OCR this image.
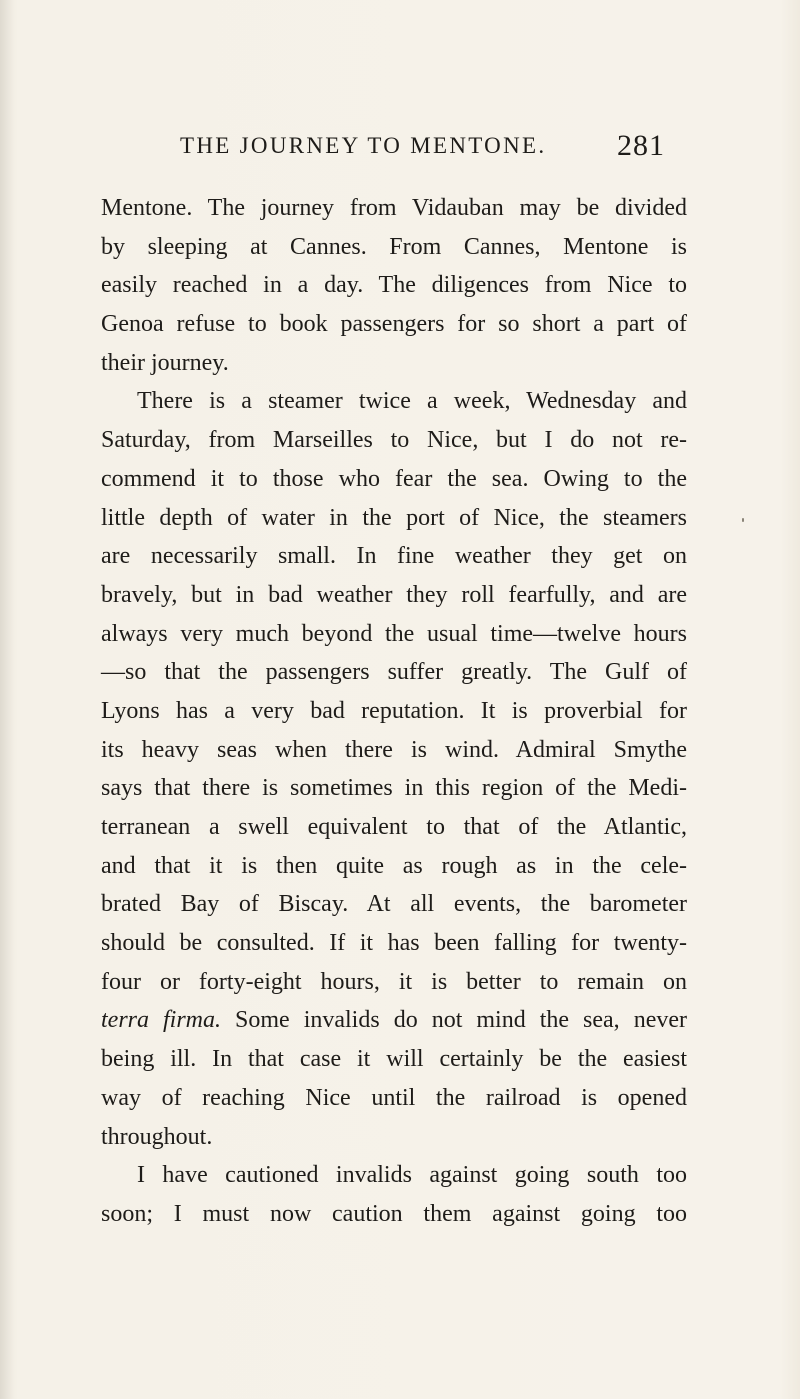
THE JOURNEY TO MENTONE. 281
Mentone. The journey from Vidauban may be divided
by sleeping at Cannes. From Cannes, Mentone is
easily reached in a day. The diligences from Nice to
Genoa refuse to book passengers for so short a part of
their journey.
There is a steamer twice a week, Wednesday and
Saturday, from Marseilles to Nice, but I do not re-
commend it to those who fear the sea. Owing to the
little depth of water in the port of Nice, the steamers
are necessarily small. In fine weather they get on
bravely, but in bad weather they roll fearfully, and are
always very much beyond the usual time—twelve hours
—so that the passengers suffer greatly. The Gulf of
Lyons has a very bad reputation. It is proverbial for
its heavy seas when there is wind. Admiral Smythe
says that there is sometimes in this region of the Medi-
terranean a swell equivalent to that of the Atlantic,
and that it is then quite as rough as in the cele-
brated Bay of Biscay. At all events, the barometer
should be consulted. If it has been falling for twenty-
four or forty-eight hours, it is better to remain on
terra firma. Some invalids do not mind the sea, never
being ill. In that case it will certainly be the easiest
way of reaching Nice until the railroad is opened
throughout.
I have cautioned invalids against going south too
soon; I must now caution them against going too
